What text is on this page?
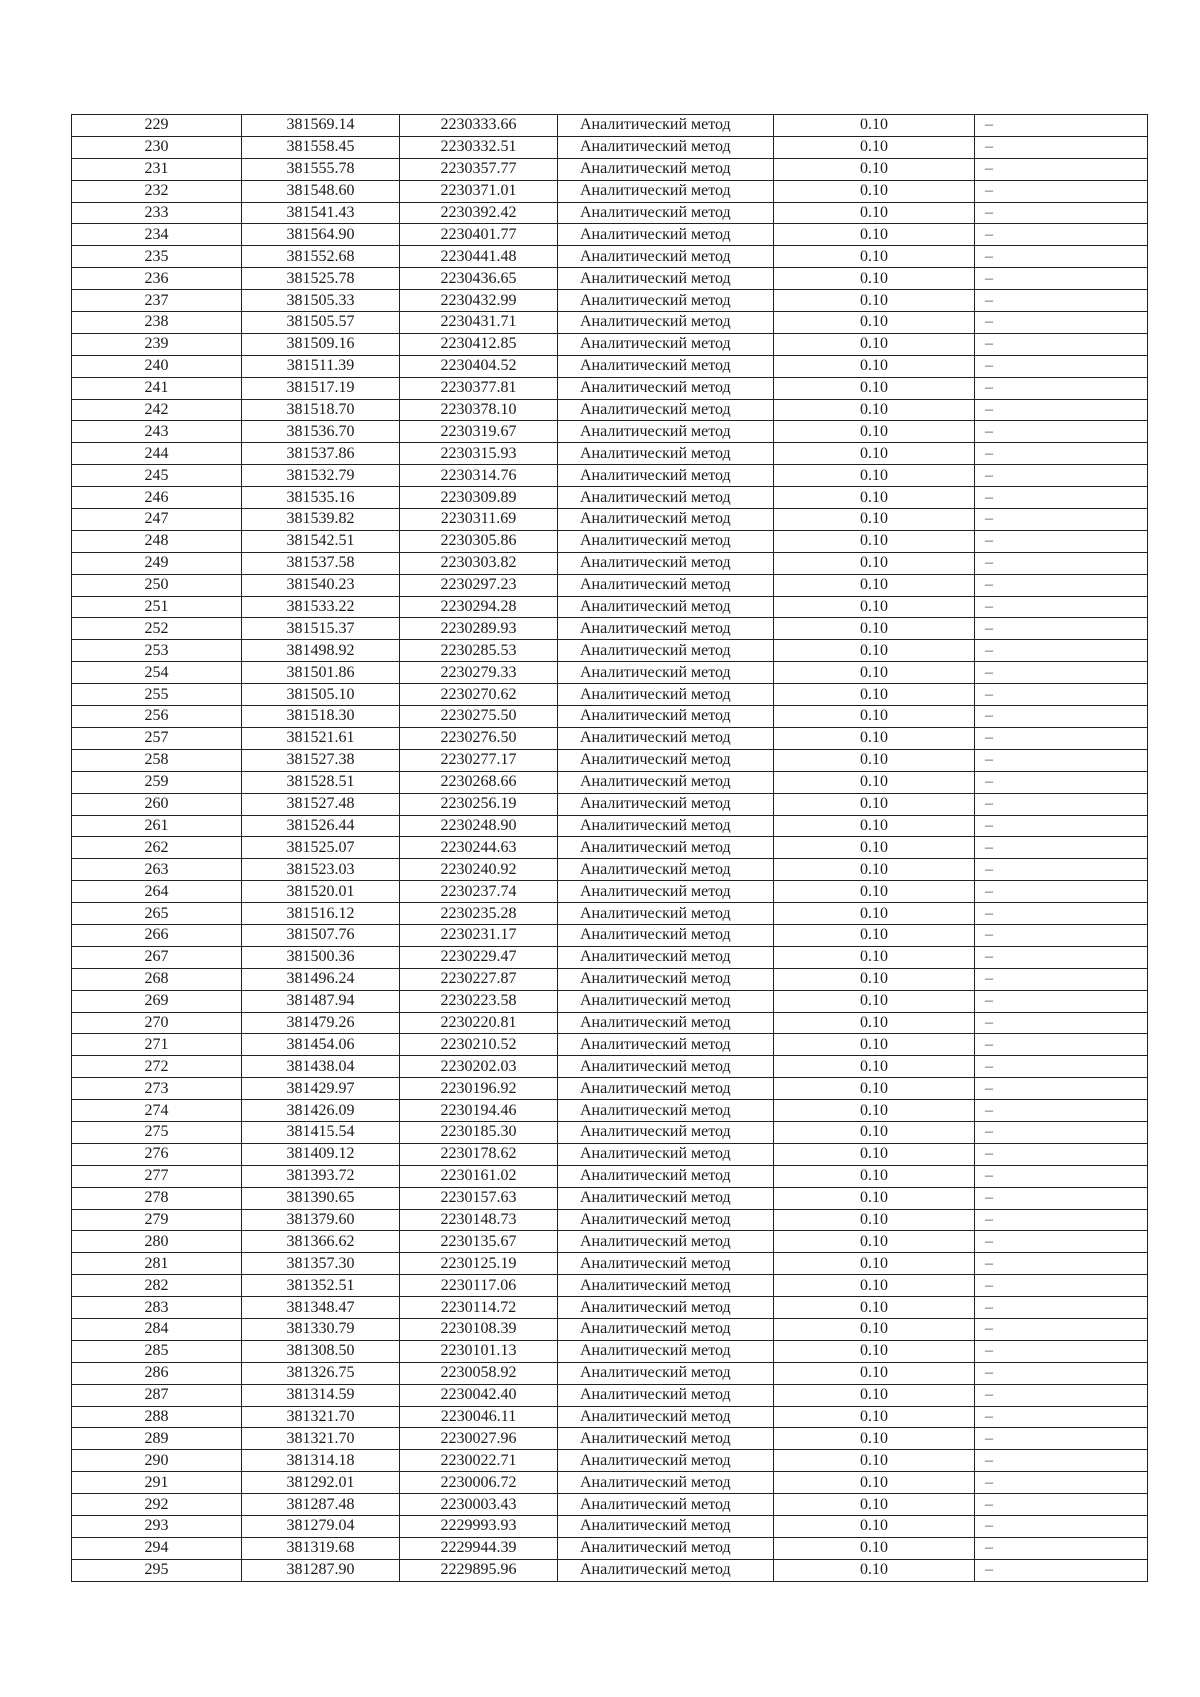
229	381569.14	2230333.66	Аналитический метод	0.10	–
230	381558.45	2230332.51	Аналитический метод	0.10	–
231	381555.78	2230357.77	Аналитический метод	0.10	–
232	381548.60	2230371.01	Аналитический метод	0.10	–
233	381541.43	2230392.42	Аналитический метод	0.10	–
234	381564.90	2230401.77	Аналитический метод	0.10	–
235	381552.68	2230441.48	Аналитический метод	0.10	–
236	381525.78	2230436.65	Аналитический метод	0.10	–
237	381505.33	2230432.99	Аналитический метод	0.10	–
238	381505.57	2230431.71	Аналитический метод	0.10	–
239	381509.16	2230412.85	Аналитический метод	0.10	–
240	381511.39	2230404.52	Аналитический метод	0.10	–
241	381517.19	2230377.81	Аналитический метод	0.10	–
242	381518.70	2230378.10	Аналитический метод	0.10	–
243	381536.70	2230319.67	Аналитический метод	0.10	–
244	381537.86	2230315.93	Аналитический метод	0.10	–
245	381532.79	2230314.76	Аналитический метод	0.10	–
246	381535.16	2230309.89	Аналитический метод	0.10	–
247	381539.82	2230311.69	Аналитический метод	0.10	–
248	381542.51	2230305.86	Аналитический метод	0.10	–
249	381537.58	2230303.82	Аналитический метод	0.10	–
250	381540.23	2230297.23	Аналитический метод	0.10	–
251	381533.22	2230294.28	Аналитический метод	0.10	–
252	381515.37	2230289.93	Аналитический метод	0.10	–
253	381498.92	2230285.53	Аналитический метод	0.10	–
254	381501.86	2230279.33	Аналитический метод	0.10	–
255	381505.10	2230270.62	Аналитический метод	0.10	–
256	381518.30	2230275.50	Аналитический метод	0.10	–
257	381521.61	2230276.50	Аналитический метод	0.10	–
258	381527.38	2230277.17	Аналитический метод	0.10	–
259	381528.51	2230268.66	Аналитический метод	0.10	–
260	381527.48	2230256.19	Аналитический метод	0.10	–
261	381526.44	2230248.90	Аналитический метод	0.10	–
262	381525.07	2230244.63	Аналитический метод	0.10	–
263	381523.03	2230240.92	Аналитический метод	0.10	–
264	381520.01	2230237.74	Аналитический метод	0.10	–
265	381516.12	2230235.28	Аналитический метод	0.10	–
266	381507.76	2230231.17	Аналитический метод	0.10	–
267	381500.36	2230229.47	Аналитический метод	0.10	–
268	381496.24	2230227.87	Аналитический метод	0.10	–
269	381487.94	2230223.58	Аналитический метод	0.10	–
270	381479.26	2230220.81	Аналитический метод	0.10	–
271	381454.06	2230210.52	Аналитический метод	0.10	–
272	381438.04	2230202.03	Аналитический метод	0.10	–
273	381429.97	2230196.92	Аналитический метод	0.10	–
274	381426.09	2230194.46	Аналитический метод	0.10	–
275	381415.54	2230185.30	Аналитический метод	0.10	–
276	381409.12	2230178.62	Аналитический метод	0.10	–
277	381393.72	2230161.02	Аналитический метод	0.10	–
278	381390.65	2230157.63	Аналитический метод	0.10	–
279	381379.60	2230148.73	Аналитический метод	0.10	–
280	381366.62	2230135.67	Аналитический метод	0.10	–
281	381357.30	2230125.19	Аналитический метод	0.10	–
282	381352.51	2230117.06	Аналитический метод	0.10	–
283	381348.47	2230114.72	Аналитический метод	0.10	–
284	381330.79	2230108.39	Аналитический метод	0.10	–
285	381308.50	2230101.13	Аналитический метод	0.10	–
286	381326.75	2230058.92	Аналитический метод	0.10	–
287	381314.59	2230042.40	Аналитический метод	0.10	–
288	381321.70	2230046.11	Аналитический метод	0.10	–
289	381321.70	2230027.96	Аналитический метод	0.10	–
290	381314.18	2230022.71	Аналитический метод	0.10	–
291	381292.01	2230006.72	Аналитический метод	0.10	–
292	381287.48	2230003.43	Аналитический метод	0.10	–
293	381279.04	2229993.93	Аналитический метод	0.10	–
294	381319.68	2229944.39	Аналитический метод	0.10	–
295	381287.90	2229895.96	Аналитический метод	0.10	–
